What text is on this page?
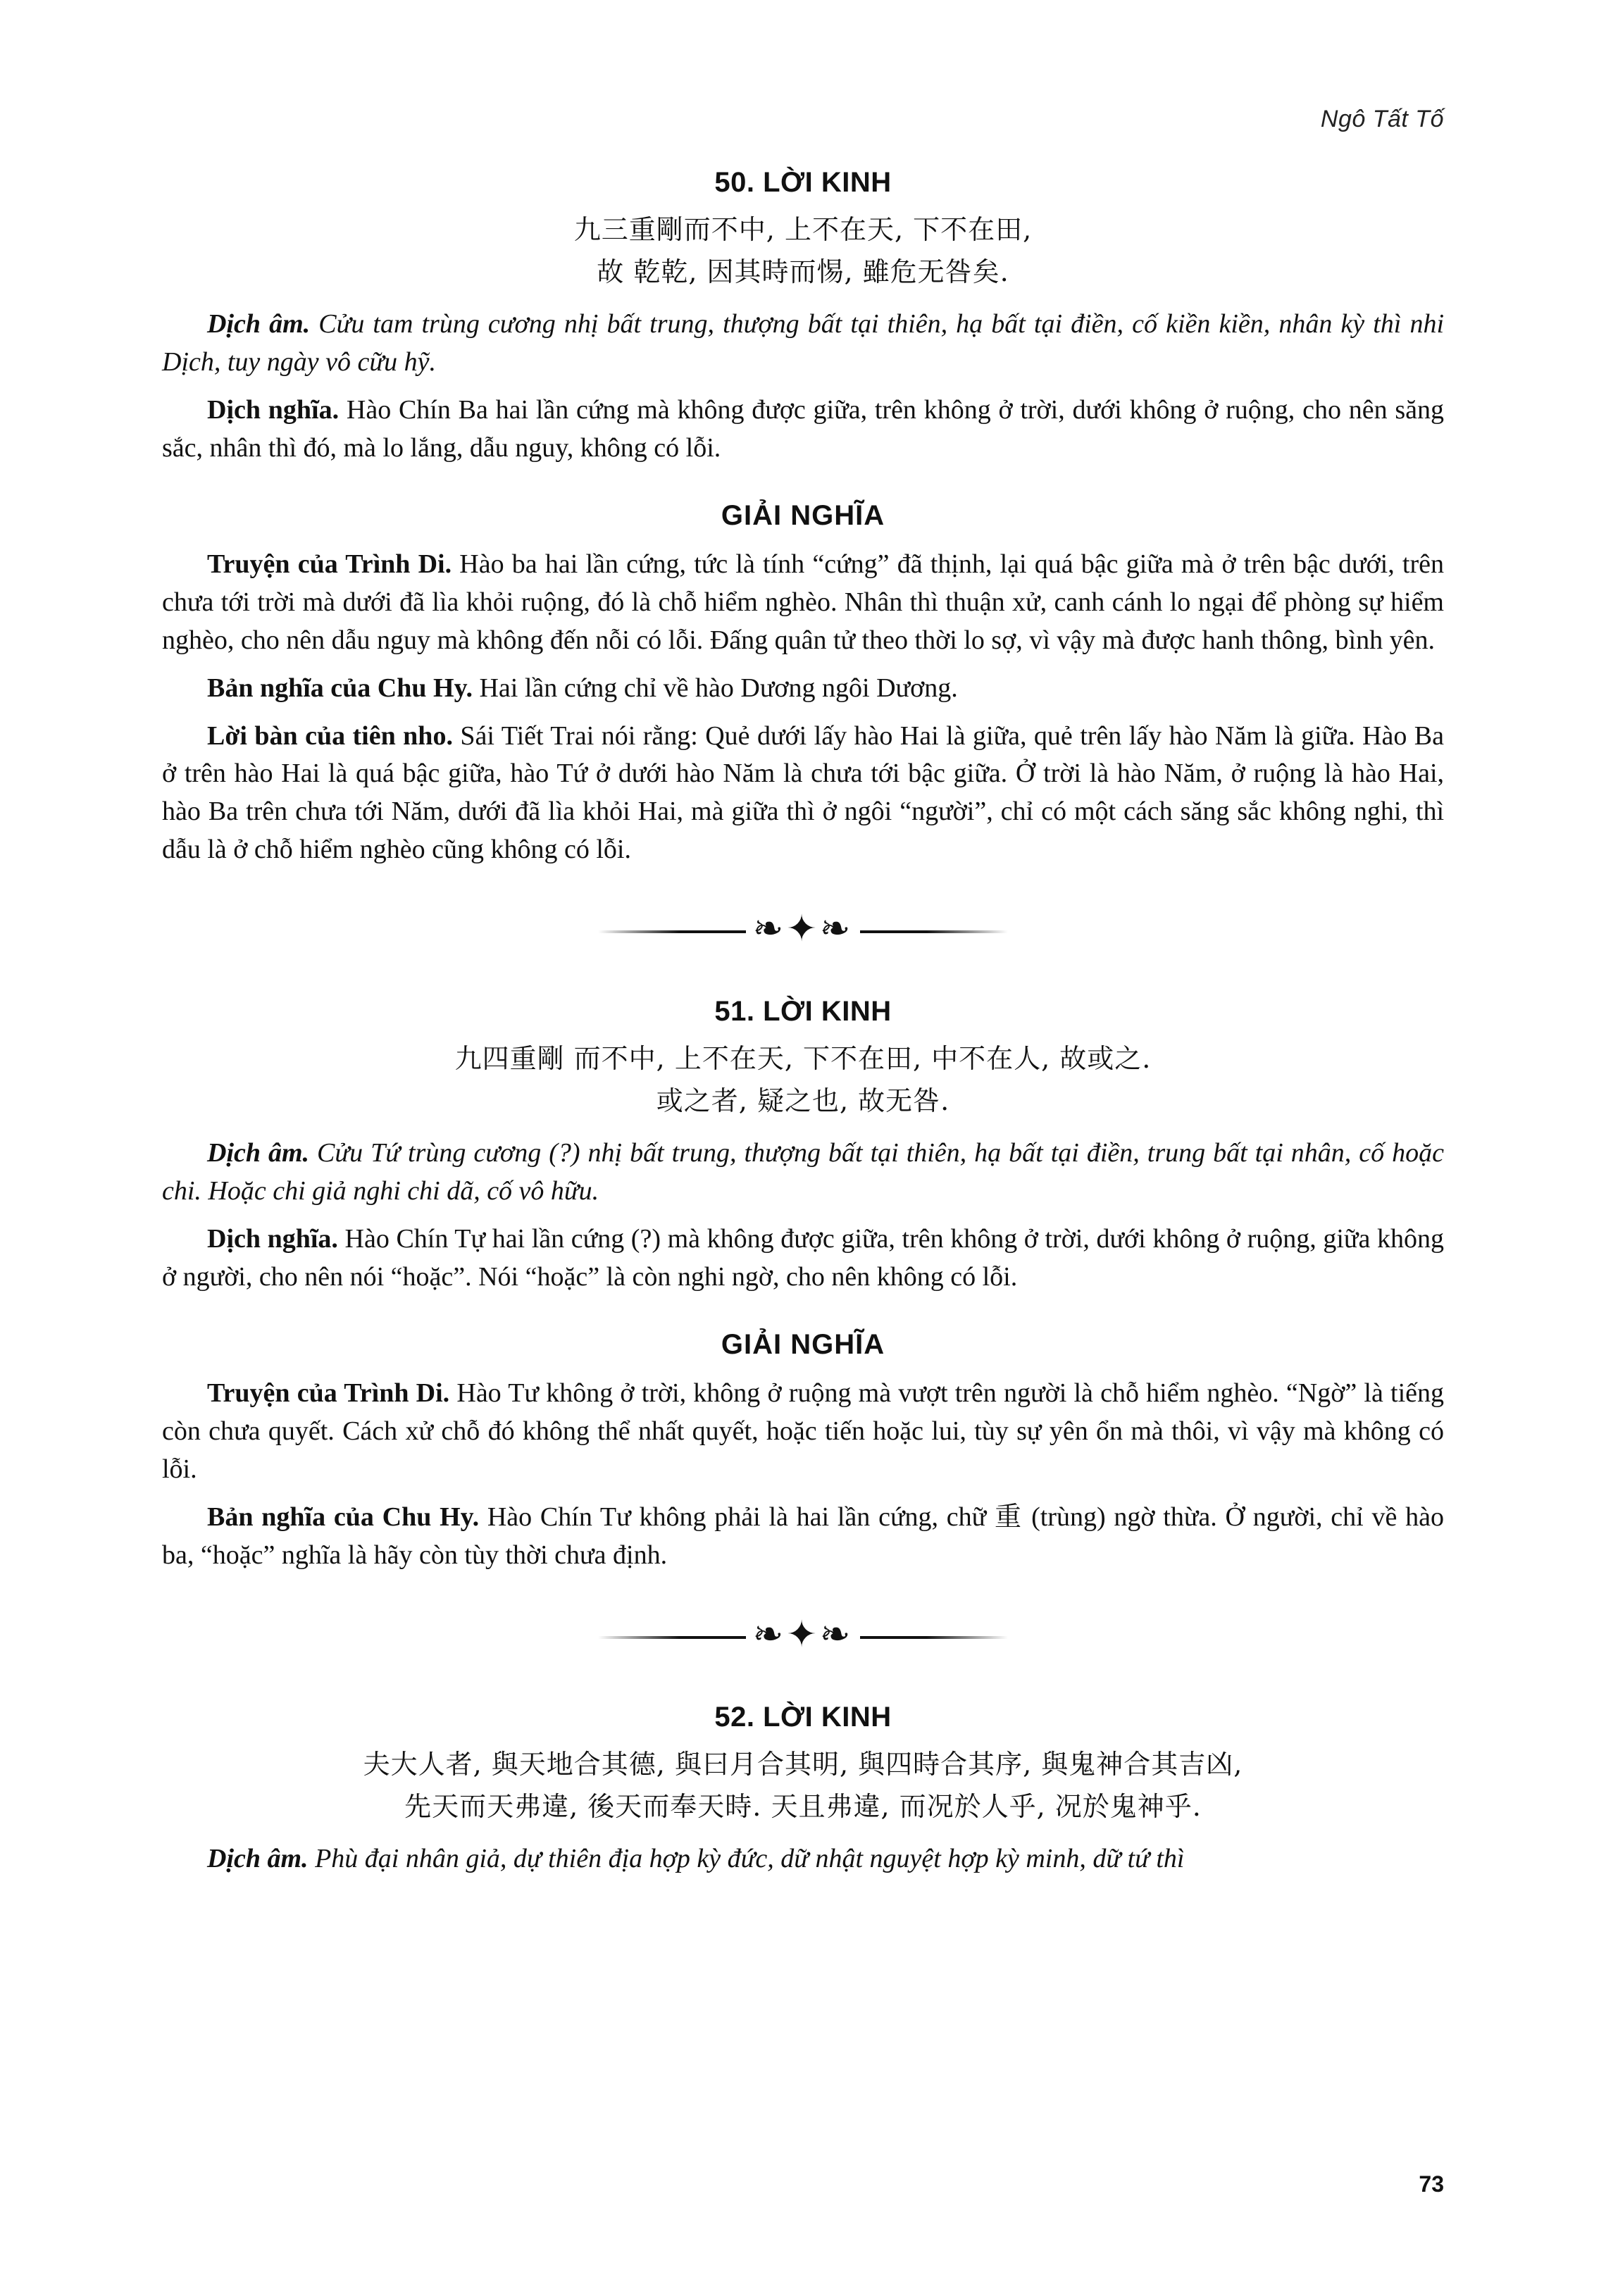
Ngô Tất Tố
50. LỜI KINH
九三重剛而不中, 上不在天, 下不在田,
故 乾乾, 因其時而惕, 雖危无咎矣.

Dịch âm. Cửu tam trùng cương nhị bất trung, thượng bất tại thiên, hạ bất tại điền, cố kiền kiền, nhân kỳ thì nhi Dịch, tuy ngày vô cữu hỹ.

Dịch nghĩa. Hào Chín Ba hai lần cứng mà không được giữa, trên không ở trời, dưới không ở ruộng, cho nên săng sắc, nhân thì đó, mà lo lắng, dẫu nguy, không có lỗi.

GIẢI NGHĨA

Truyện của Trình Di. Hào ba hai lần cứng, tức là tính “cứng” đã thịnh, lại quá bậc giữa mà ở trên bậc dưới, trên chưa tới trời mà dưới đã lìa khỏi ruộng, đó là chỗ hiểm nghèo. Nhân thì thuận xử, canh cánh lo ngại để phòng sự hiểm nghèo, cho nên dẫu nguy mà không đến nỗi có lỗi. Đấng quân tử theo thời lo sợ, vì vậy mà được hanh thông, bình yên.

Bản nghĩa của Chu Hy. Hai lần cứng chỉ về hào Dương ngôi Dương.

Lời bàn của tiên nho. Sái Tiết Trai nói rằng: Quẻ dưới lấy hào Hai là giữa, quẻ trên lấy hào Năm là giữa. Hào Ba ở trên hào Hai là quá bậc giữa, hào Tứ ở dưới hào Năm là chưa tới bậc giữa. Ở trời là hào Năm, ở ruộng là hào Hai, hào Ba trên chưa tới Năm, dưới đã lìa khỏi Hai, mà giữa thì ở ngôi “người”, chỉ có một cách săng sắc không nghi, thì dẫu là ở chỗ hiểm nghèo cũng không có lỗi.

❧✦❧
51. LỜI KINH
九四重剛 而不中, 上不在天, 下不在田, 中不在人, 故或之.
或之者, 疑之也, 故无咎.

Dịch âm. Cửu Tứ trùng cương (?) nhị bất trung, thượng bất tại thiên, hạ bất tại điền, trung bất tại nhân, cố hoặc chi. Hoặc chi giả nghi chi dã, cố vô hữu.

Dịch nghĩa. Hào Chín Tự hai lần cứng (?) mà không được giữa, trên không ở trời, dưới không ở ruộng, giữa không ở người, cho nên nói “hoặc”. Nói “hoặc” là còn nghi ngờ, cho nên không có lỗi.

GIẢI NGHĨA

Truyện của Trình Di. Hào Tư không ở trời, không ở ruộng mà vượt trên người là chỗ hiểm nghèo. “Ngờ” là tiếng còn chưa quyết. Cách xử chỗ đó không thể nhất quyết, hoặc tiến hoặc lui, tùy sự yên ổn mà thôi, vì vậy mà không có lỗi.

Bản nghĩa của Chu Hy. Hào Chín Tư không phải là hai lần cứng, chữ 重 (trùng) ngờ thừa. Ở người, chỉ về hào ba, “hoặc” nghĩa là hãy còn tùy thời chưa định.

❧✦❧
52. LỜI KINH
夫大人者, 與天地合其德, 與曰月合其明, 與四時合其序, 與鬼神合其吉凶,
先天而天弗違, 後天而奉天時. 天且弗違, 而况於人乎, 况於鬼神乎.

Dịch âm. Phù đại nhân giả, dự thiên địa hợp kỳ đức, dữ nhật nguyệt hợp kỳ minh, dữ tứ thì

73
